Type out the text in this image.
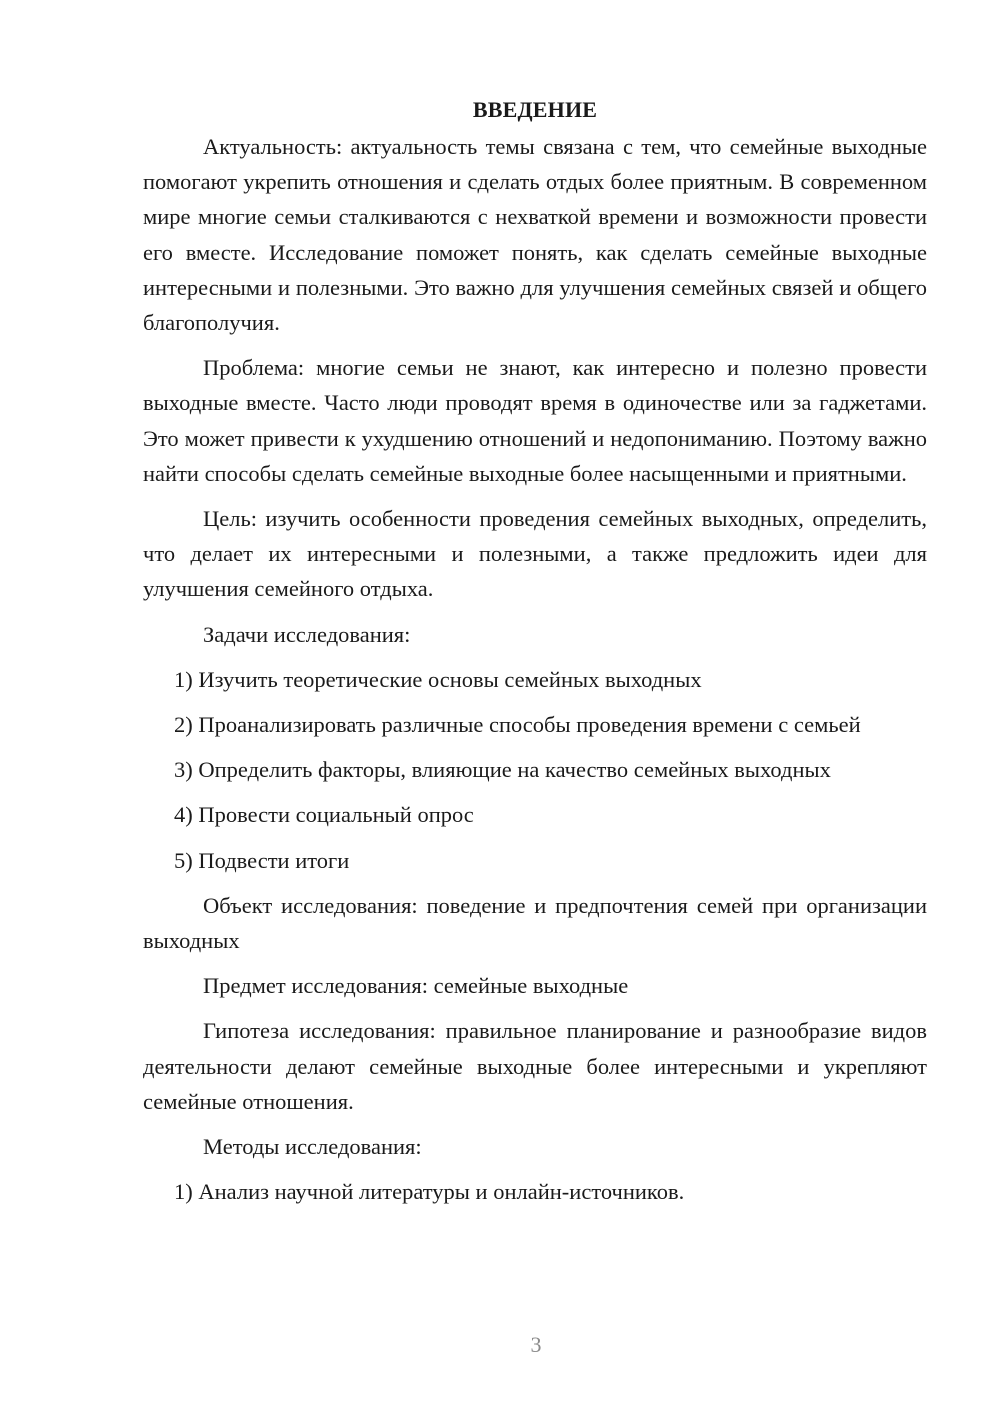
ВВЕДЕНИЕ

Актуальность: актуальность темы связана с тем, что семейные выходные помогают укрепить отношения и сделать отдых более приятным. В современном мире многие семьи сталкиваются с нехваткой времени и возможности провести его вместе. Исследование поможет понять, как сделать семейные выходные интересными и полезными. Это важно для улучшения семейных связей и общего благополучия.

Проблема: многие семьи не знают, как интересно и полезно провести выходные вместе. Часто люди проводят время в одиночестве или за гаджетами. Это может привести к ухудшению отношений и недопониманию. Поэтому важно найти способы сделать семейные выходные более насыщенными и приятными.

Цель: изучить особенности проведения семейных выходных, определить, что делает их интересными и полезными, а также предложить идеи для улучшения семейного отдыха.

Задачи исследования:

1) Изучить теоретические основы семейных выходных

2) Проанализировать различные способы проведения времени с семьей

3) Определить факторы, влияющие на качество семейных выходных

4) Провести социальный опрос

5) Подвести итоги

Объект исследования: поведение и предпочтения семей при организации выходных

Предмет исследования: семейные выходные

Гипотеза исследования: правильное планирование и разнообразие видов деятельности делают семейные выходные более интересными и укрепляют семейные отношения.

Методы исследования:

1) Анализ научной литературы и онлайн-источников.

3
